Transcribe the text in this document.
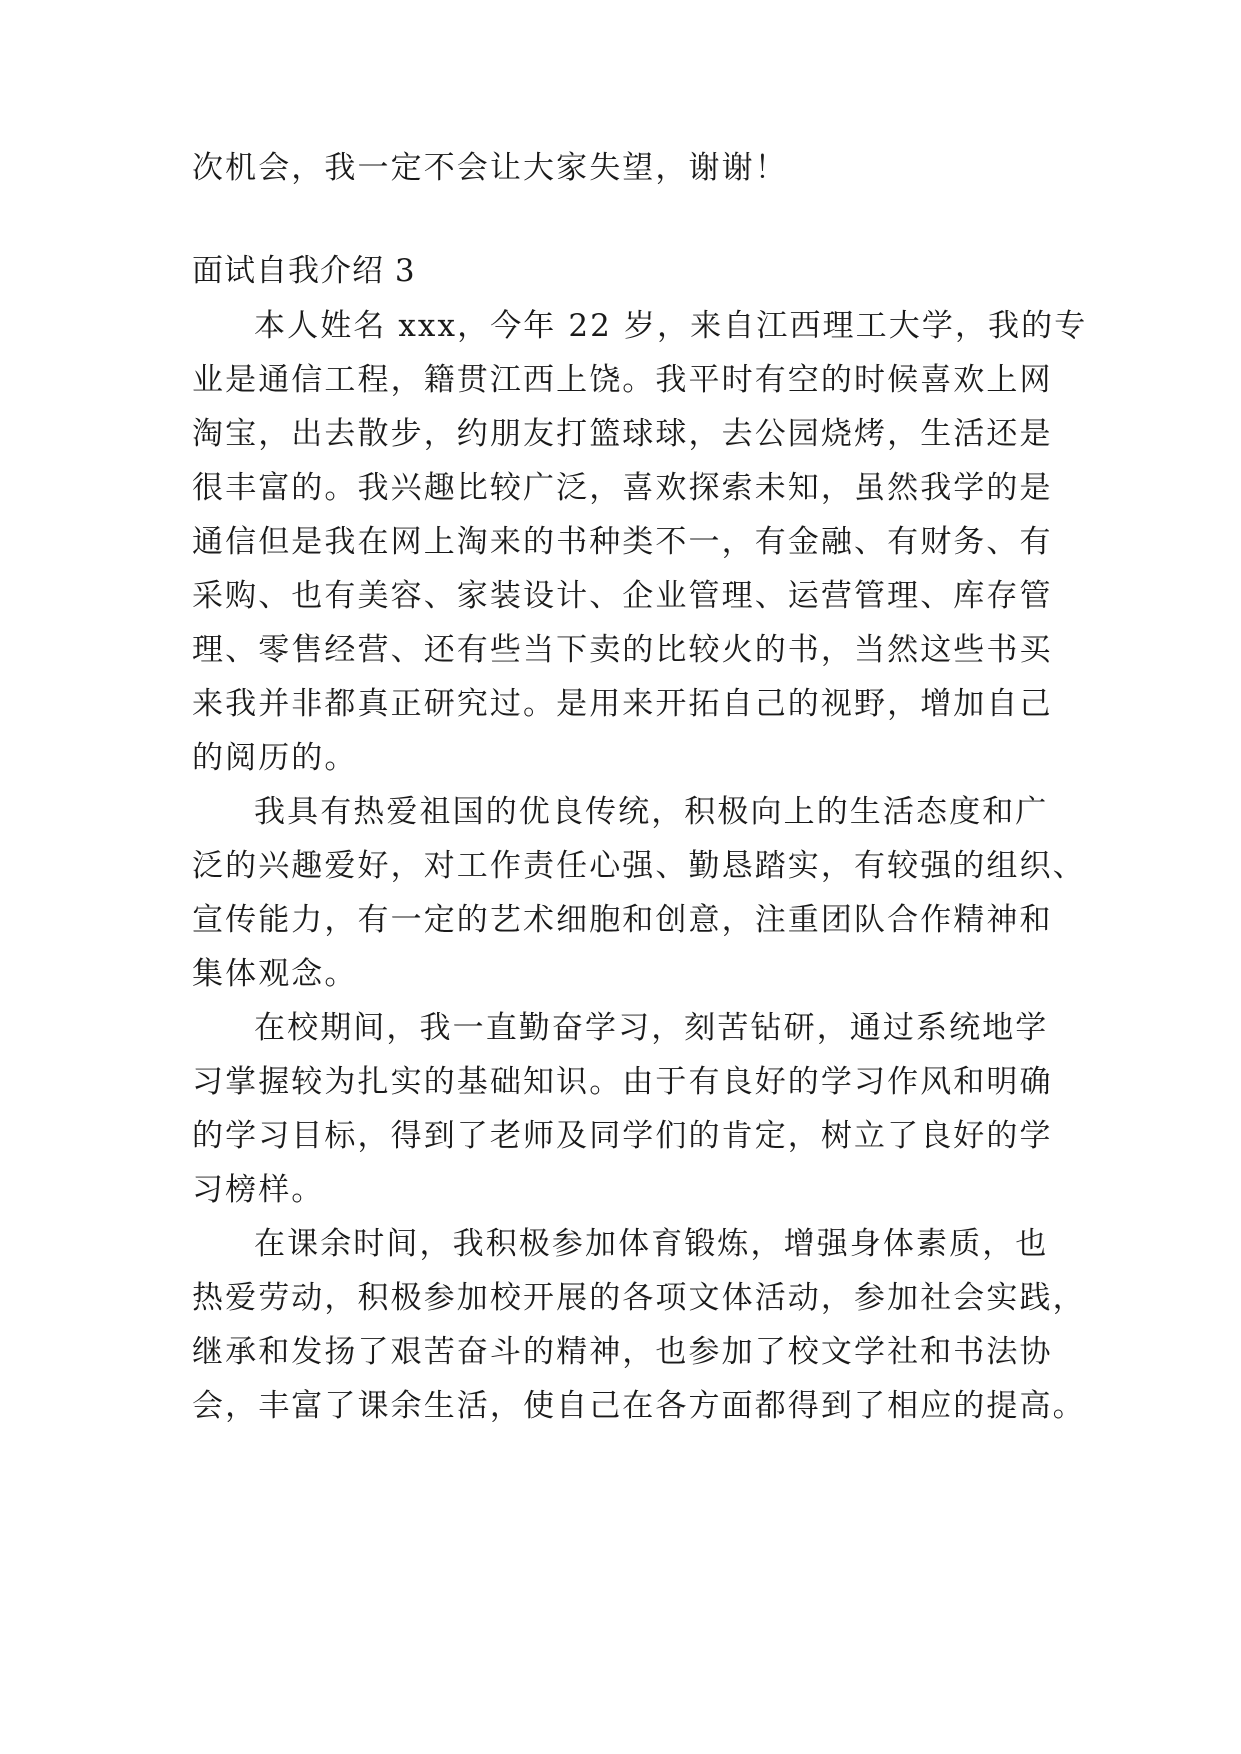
次机会，我一定不会让大家失望，谢谢！
面试自我介绍 3
本人姓名 xxx，今年 22 岁，来自江西理工大学，我的专
业是通信工程，籍贯江西上饶。我平时有空的时候喜欢上网
淘宝，出去散步，约朋友打篮球球，去公园烧烤，生活还是
很丰富的。我兴趣比较广泛，喜欢探索未知，虽然我学的是
通信但是我在网上淘来的书种类不一，有金融、有财务、有
采购、也有美容、家装设计、企业管理、运营管理、库存管
理、零售经营、还有些当下卖的比较火的书，当然这些书买
来我并非都真正研究过。是用来开拓自己的视野，增加自己
的阅历的。
我具有热爱祖国的优良传统，积极向上的生活态度和广
泛的兴趣爱好，对工作责任心强、勤恳踏实，有较强的组织、
宣传能力，有一定的艺术细胞和创意，注重团队合作精神和
集体观念。
在校期间，我一直勤奋学习，刻苦钻研，通过系统地学
习掌握较为扎实的基础知识。由于有良好的学习作风和明确
的学习目标，得到了老师及同学们的肯定，树立了良好的学
习榜样。
在课余时间，我积极参加体育锻炼，增强身体素质，也
热爱劳动，积极参加校开展的各项文体活动，参加社会实践，
继承和发扬了艰苦奋斗的精神，也参加了校文学社和书法协
会，丰富了课余生活，使自己在各方面都得到了相应的提高。
